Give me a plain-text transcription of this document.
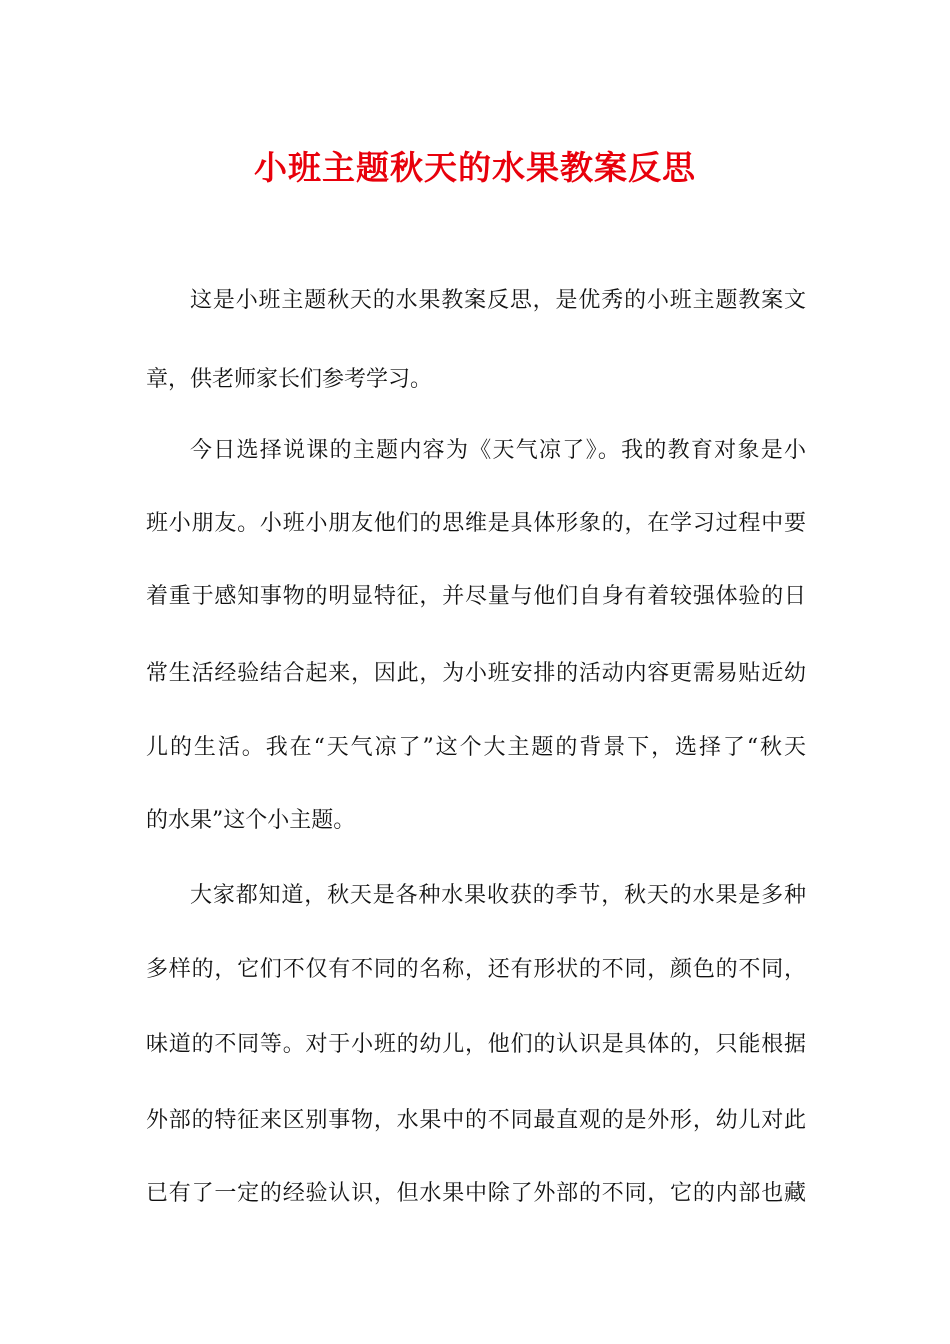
小班主题秋天的水果教案反思
这是小班主题秋天的水果教案反思，是优秀的小班主题教案文
章，供老师家长们参考学习。
今日选择说课的主题内容为《天气凉了》。我的教育对象是小
班小朋友。小班小朋友他们的思维是具体形象的，在学习过程中要
着重于感知事物的明显特征，并尽量与他们自身有着较强体验的日
常生活经验结合起来，因此，为小班安排的活动内容更需易贴近幼
儿的生活。我在“天气凉了”这个大主题的背景下，选择了“秋天
的水果”这个小主题。
大家都知道，秋天是各种水果收获的季节，秋天的水果是多种
多样的，它们不仅有不同的名称，还有形状的不同，颜色的不同，
味道的不同等。对于小班的幼儿，他们的认识是具体的，只能根据
外部的特征来区别事物，水果中的不同最直观的是外形，幼儿对此
已有了一定的经验认识，但水果中除了外部的不同，它的内部也藏
